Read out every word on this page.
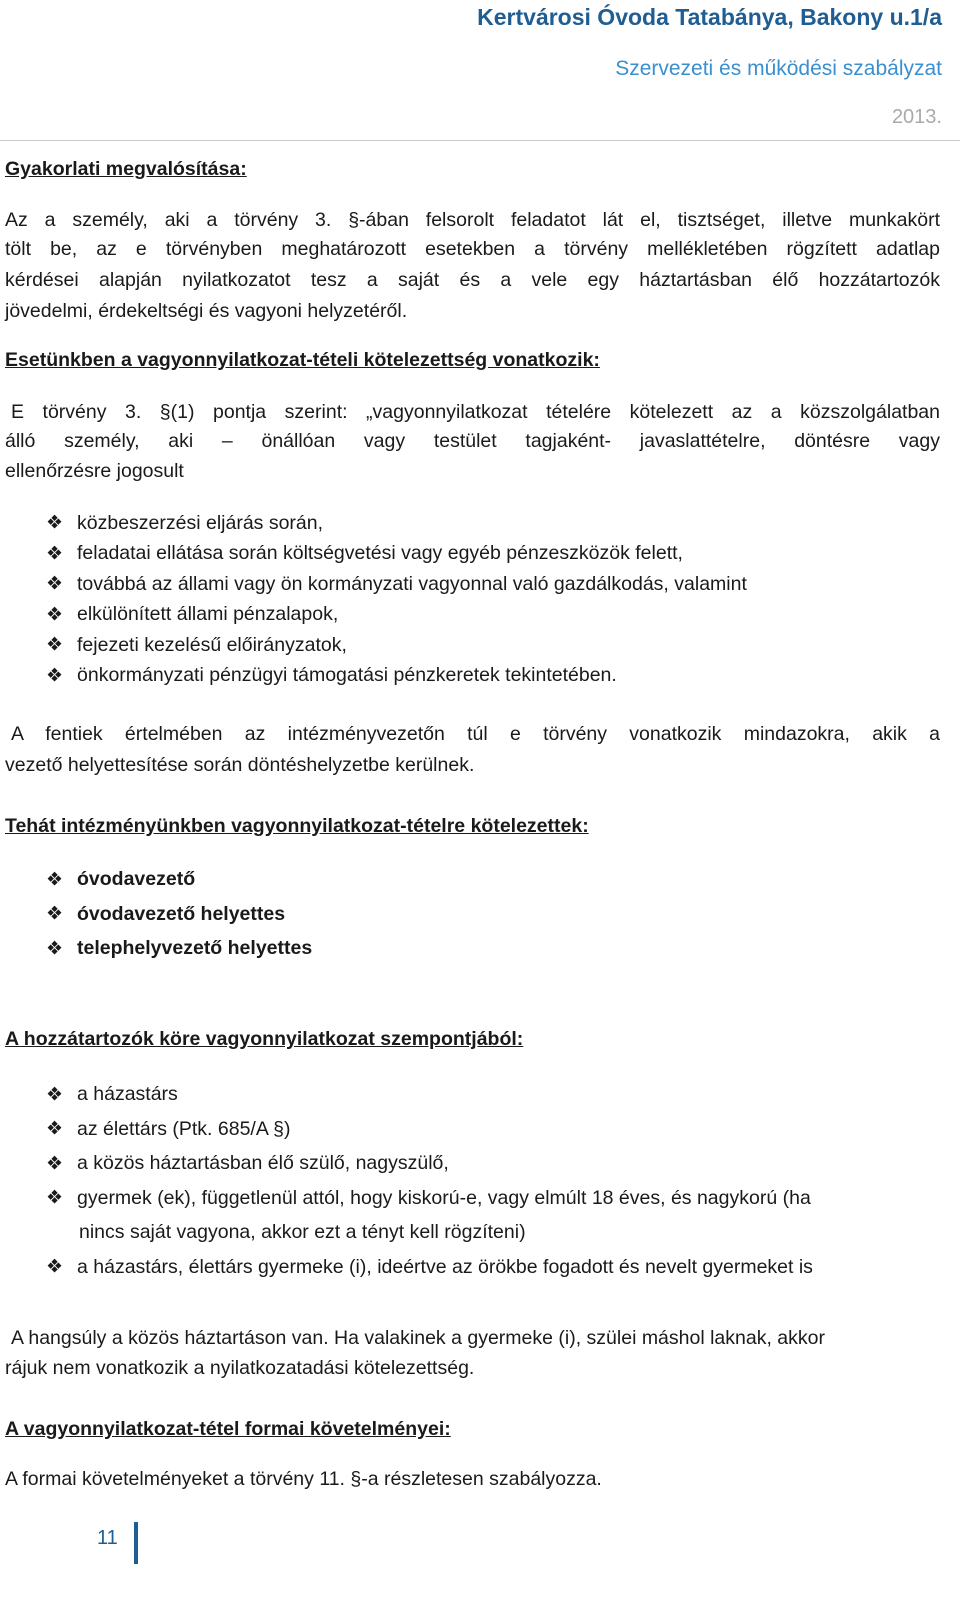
Kertvárosi Óvoda Tatabánya, Bakony u.1/a
Szervezeti és működési szabályzat
2013.
Gyakorlati megvalósítása:
Az a személy, aki a törvény 3. §-ában felsorolt feladatot lát el, tisztséget, illetve munkakört
tölt be, az e törvényben meghatározott esetekben a törvény mellékletében rögzített adatlap
kérdései alapján nyilatkozatot tesz a saját és a vele egy háztartásban élő hozzátartozók
jövedelmi, érdekeltségi és vagyoni helyzetéről.
Esetünkben a vagyonnyilatkozat-tételi kötelezettség vonatkozik:
E törvény 3. §(1) pontja szerint: „vagyonnyilatkozat tételére kötelezett az a közszolgálatban
álló személy, aki – önállóan vagy testület tagjaként- javaslattételre, döntésre vagy
ellenőrzésre jogosult
❖ közbeszerzési eljárás során,
❖ feladatai ellátása során költségvetési vagy egyéb pénzeszközök felett,
❖ továbbá az állami vagy ön kormányzati vagyonnal való gazdálkodás, valamint
❖ elkülönített állami pénzalapok,
❖ fejezeti kezelésű előirányzatok,
❖ önkormányzati pénzügyi támogatási pénzkeretek tekintetében.
A fentiek értelmében az intézményvezetőn túl e törvény vonatkozik mindazokra, akik a
vezető helyettesítése során döntéshelyzetbe kerülnek.
Tehát intézményünkben vagyonnyilatkozat-tételre kötelezettek:
❖ óvodavezető
❖ óvodavezető helyettes
❖ telephelyvezető helyettes
A hozzátartozók köre vagyonnyilatkozat szempontjából:
❖ a házastárs
❖ az élettárs (Ptk. 685/A §)
❖ a közös háztartásban élő szülő, nagyszülő,
❖ gyermek (ek), függetlenül attól, hogy kiskorú-e, vagy elmúlt 18 éves, és nagykorú (ha
nincs saját vagyona, akkor ezt a tényt kell rögzíteni)
❖ a házastárs, élettárs gyermeke (i), ideértve az örökbe fogadott és nevelt gyermeket is
A hangsúly a közös háztartáson van. Ha valakinek a gyermeke (i), szülei máshol laknak, akkor
rájuk nem vonatkozik a nyilatkozatadási kötelezettség.
A vagyonnyilatkozat-tétel formai követelményei:
A formai követelményeket a törvény 11. §-a részletesen szabályozza.
11
